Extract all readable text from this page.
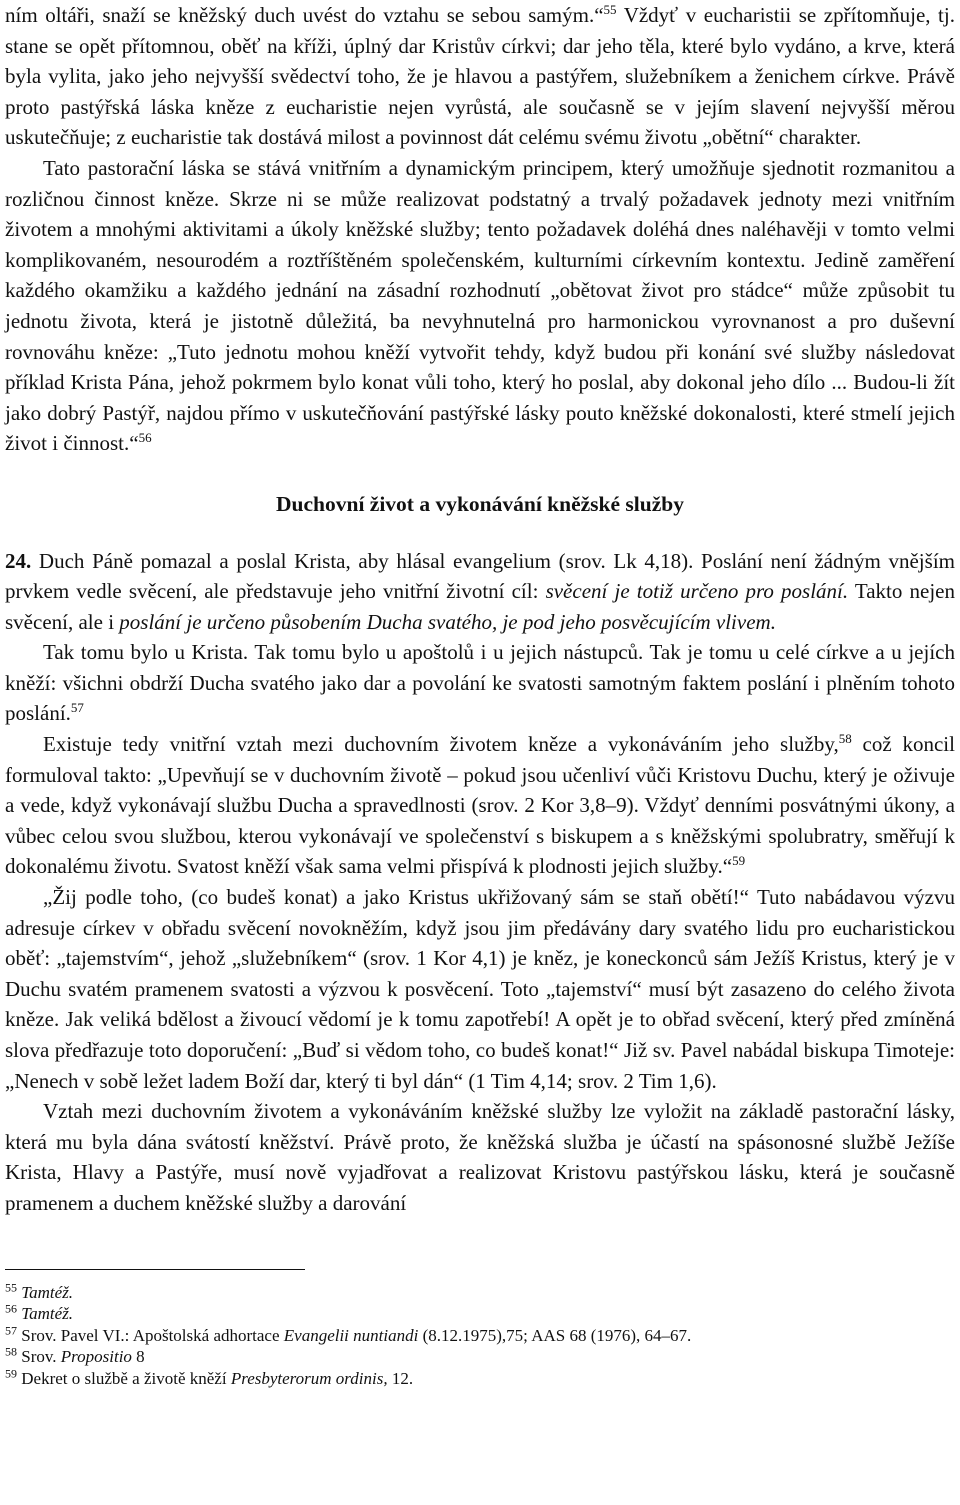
ním oltáři, snaží se kněžský duch uvést do vztahu se sebou samým.“$^{55}$ Vždyť v eucharistii se zpřítomňuje, tj. stane se opět přítomnou, oběť na kříži, úplný dar Kristův církvi; dar jeho těla, které bylo vydáno, a krve, která byla vylita, jako jeho nejvyšší svědectví toho, že je hlavou a pastýřem, služebníkem a ženichem církve. Právě proto pastýřská láska kněze z eucharistie nejen vyrůstá, ale současně se v jejím slavení nejvyšší měrou uskutečňuje; z eucharistie tak dostává milost a povinnost dát celému svému životu „obětní“ charakter.

Tato pastorační láska se stává vnitřním a dynamickým principem, který umožňuje sjednotit rozmanitou a rozličnou činnost kněze. Skrze ni se může realizovat podstatný a trvalý požadavek jednoty mezi vnitřním životem a mnohými aktivitami a úkoly kněžské služby; tento požadavek doléhá dnes naléhavěji v tomto velmi komplikovaném, nesourodém a roztříštěném společenském, kulturními církevním kontextu. Jedině zaměření každého okamžiku a každého jednání na zásadní rozhodnutí „obětovat život pro stádce“ může způsobit tu jednotu života, která je jistotně důležitá, ba nevyhnutelná pro harmonickou vyrovnanost a pro duševní rovnováhu kněze: „Tuto jednotu mohou kněží vytvořit tehdy, když budou při konání své služby následovat příklad Krista Pána, jehož pokrmem bylo konat vůli toho, který ho poslal, aby dokonal jeho dílo ... Budou-li žít jako dobrý Pastýř, najdou přímo v uskutečňování pastýřské lásky pouto kněžské dokonalosti, které stmelí jejich život i činnost.“$^{56}$

Duchovní život a vykonávání kněžské služby

24. Duch Páně pomazal a poslal Krista, aby hlásal evangelium (srov. Lk 4,18). Poslání není žádným vnějším prvkem vedle svěcení, ale představuje jeho vnitřní životní cíl: svěcení je totiž určeno pro poslání. Takto nejen svěcení, ale i poslání je určeno působením Ducha svatého, je pod jeho posvěcujícím vlivem.

Tak tomu bylo u Krista. Tak tomu bylo u apoštolů i u jejich nástupců. Tak je tomu u celé církve a u jejích kněží: všichni obdrží Ducha svatého jako dar a povolání ke svatosti samotným faktem poslání i plněním tohoto poslání.$^{57}$

Existuje tedy vnitřní vztah mezi duchovním životem kněze a vykonáváním jeho služby,$^{58}$ což koncil formuloval takto: „Upevňují se v duchovním životě – pokud jsou učenliví vůči Kristovu Duchu, který je oživuje a vede, když vykonávají službu Ducha a spravedlnosti (srov. 2 Kor 3,8–9). Vždyť denními posvátnými úkony, a vůbec celou svou službou, kterou vykonávají ve společenství s biskupem a s kněžskými spolubratry, směřují k dokonalému životu. Svatost kněží však sama velmi přispívá k plodnosti jejich služby.“$^{59}$

„Žij podle toho, (co budeš konat) a jako Kristus ukřižovaný sám se staň obětí!“ Tuto nabádavou výzvu adresuje církev v obřadu svěcení novokněžím, když jsou jim předávány dary svatého lidu pro eucharistickou oběť: „tajemstvím“, jehož „služebníkem“ (srov. 1 Kor 4,1) je kněz, je koneckonců sám Ježíš Kristus, který je v Duchu svatém pramenem svatosti a výzvou k posvěcení. Toto „tajemství“ musí být zasazeno do celého života kněze. Jak veliká bdělost a živoucí vědomí je k tomu zapotřebí! A opět je to obřad svěcení, který před zmíněná slova předřazuje toto doporučení: „Buď si vědom toho, co budeš konat!“ Již sv. Pavel nabádal biskupa Timoteje: „Nenech v sobě ležet ladem Boží dar, který ti byl dán“ (1 Tim 4,14; srov. 2 Tim 1,6).

Vztah mezi duchovním životem a vykonáváním kněžské služby lze vyložit na základě pastorační lásky, která mu byla dána svátostí kněžství. Právě proto, že kněžská služba je účastí na spásonosné službě Ježíše Krista, Hlavy a Pastýře, musí nově vyjadřovat a realizovat Kristovu pastýřskou lásku, která je současně pramenem a duchem kněžské služby a darování

$^{55}$ Tamtéž.
$^{56}$ Tamtéž.
$^{57}$ Srov. Pavel VI.: Apoštolská adhortace Evangelii nuntiandi (8.12.1975),75; AAS 68 (1976), 64–67.
$^{58}$ Srov. Propositio 8
$^{59}$ Dekret o službě a životě kněží Presbyterorum ordinis, 12.
